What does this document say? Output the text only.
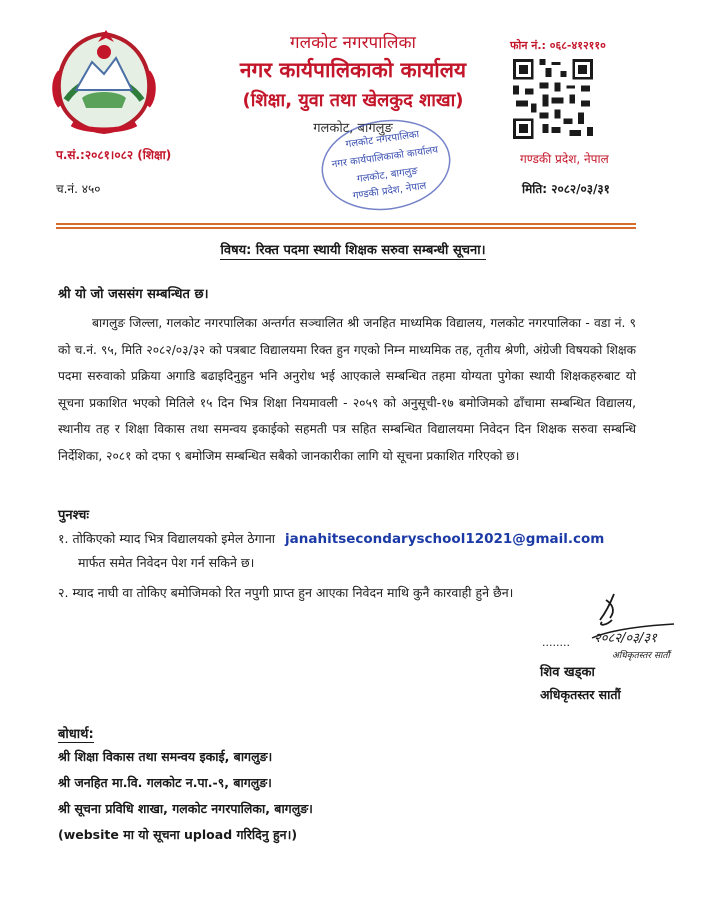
गलकोट नगरपालिका
नगर कार्यपालिकाको कार्यालय
(शिक्षा, युवा तथा खेलकुद शाखा)
गलकोट, बागलुङ
फोन नं.: ०६८-४१२११०
प.सं.:२०८१।०८२ (शिक्षा)
च.नं. ४५०
गण्डकी प्रदेश, नेपाल
मिति: २०८२/०३/३१
गलकोट नगरपालिका
नगर कार्यपालिकाको कार्यालय
गलकोट, बागलुङ
गण्डकी प्रदेश, नेपाल
विषय: रिक्त पदमा स्थायी शिक्षक सरुवा सम्बन्धी सूचना।
श्री यो जो जससंग सम्बन्धित छ।
बागलुङ जिल्ला, गलकोट नगरपालिका अन्तर्गत सञ्चालित श्री जनहित माध्यमिक विद्यालय, गलकोट नगरपालिका - वडा नं. ९ को च.नं. ९५, मिति २०८२/०३/३२ को पत्रबाट विद्यालयमा रिक्त हुन गएको निम्न माध्यमिक तह, तृतीय श्रेणी, अंग्रेजी विषयको शिक्षक पदमा सरुवाको प्रक्रिया अगाडि बढाइदिनुहुन भनि अनुरोध भई आएकाले सम्बन्धित तहमा योग्यता पुगेका स्थायी शिक्षकहरुबाट यो सूचना प्रकाशित भएको मितिले १५ दिन भित्र शिक्षा नियमावली - २०५९ को अनुसूची-१७ बमोजिमको ढाँचामा सम्बन्धित विद्यालय, स्थानीय तह र शिक्षा विकास तथा समन्वय इकाईको सहमती पत्र सहित सम्बन्धित विद्यालयमा निवेदन दिन शिक्षक सरुवा सम्बन्धि निर्देशिका, २०८१ को दफा ९ बमोजिम सम्बन्धित सबैको जानकारीका लागि यो सूचना प्रकाशित गरिएको छ।
पुनश्चः
१. तोकिएको म्याद भित्र विद्यालयको इमेल ठेगाना janahitsecondaryschool12021@gmail.com
मार्फत समेत निवेदन पेश गर्न सकिने छ।
२. म्याद नाघी वा तोकिए बमोजिमको रित नपुगी प्राप्त हुन आएका निवेदन माथि कुनै कारवाही हुने छैन।
........ २०८२/०३/३१
अधिकृतस्तर सातौं
शिव खड्का
अधिकृतस्तर सातौं
बोधार्थ:
श्री शिक्षा विकास तथा समन्वय इकाई, बागलुङ।
श्री जनहित मा.वि. गलकोट न.पा.-९, बागलुङ।
श्री सूचना प्रविधि शाखा, गलकोट नगरपालिका, बागलुङ।
(website मा यो सूचना upload गरिदिनु हुन।)
